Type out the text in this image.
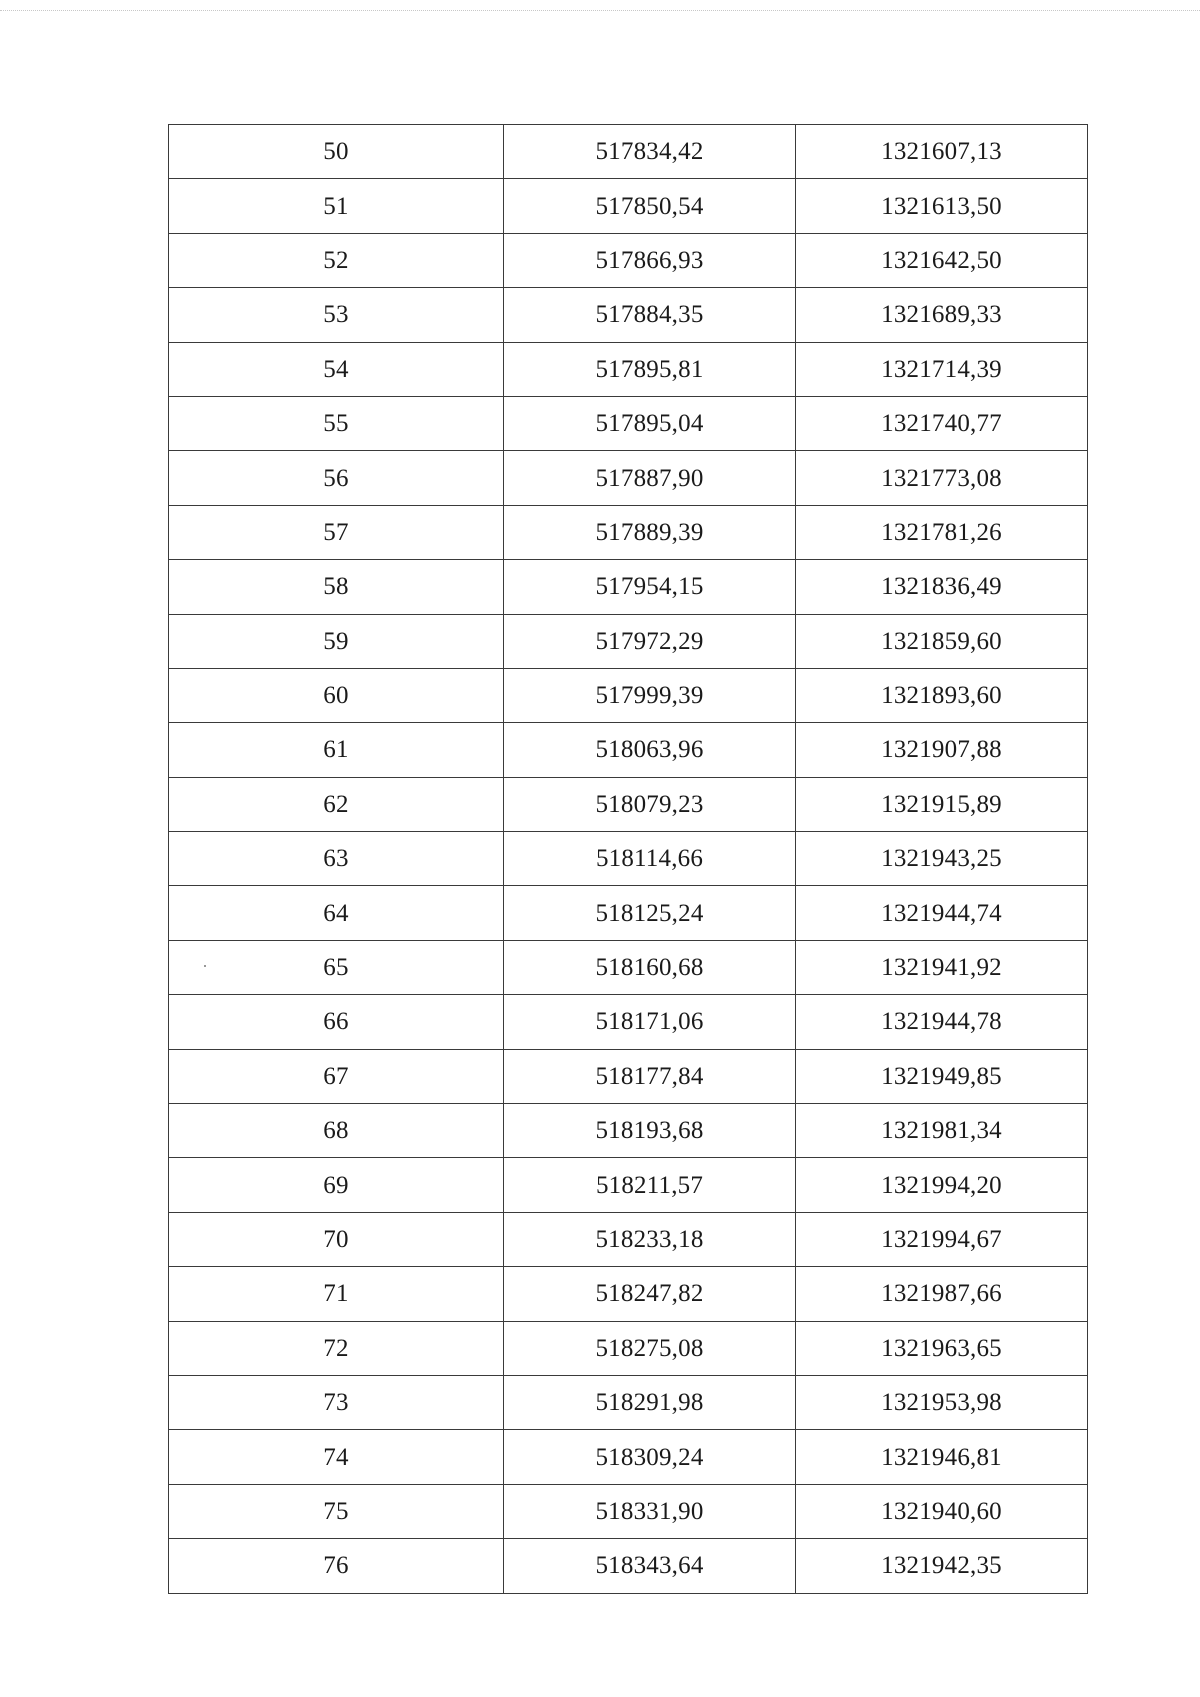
50	517834,42	1321607,13
51	517850,54	1321613,50
52	517866,93	1321642,50
53	517884,35	1321689,33
54	517895,81	1321714,39
55	517895,04	1321740,77
56	517887,90	1321773,08
57	517889,39	1321781,26
58	517954,15	1321836,49
59	517972,29	1321859,60
60	517999,39	1321893,60
61	518063,96	1321907,88
62	518079,23	1321915,89
63	518114,66	1321943,25
64	518125,24	1321944,74
65	518160,68	1321941,92
66	518171,06	1321944,78
67	518177,84	1321949,85
68	518193,68	1321981,34
69	518211,57	1321994,20
70	518233,18	1321994,67
71	518247,82	1321987,66
72	518275,08	1321963,65
73	518291,98	1321953,98
74	518309,24	1321946,81
75	518331,90	1321940,60
76	518343,64	1321942,35
